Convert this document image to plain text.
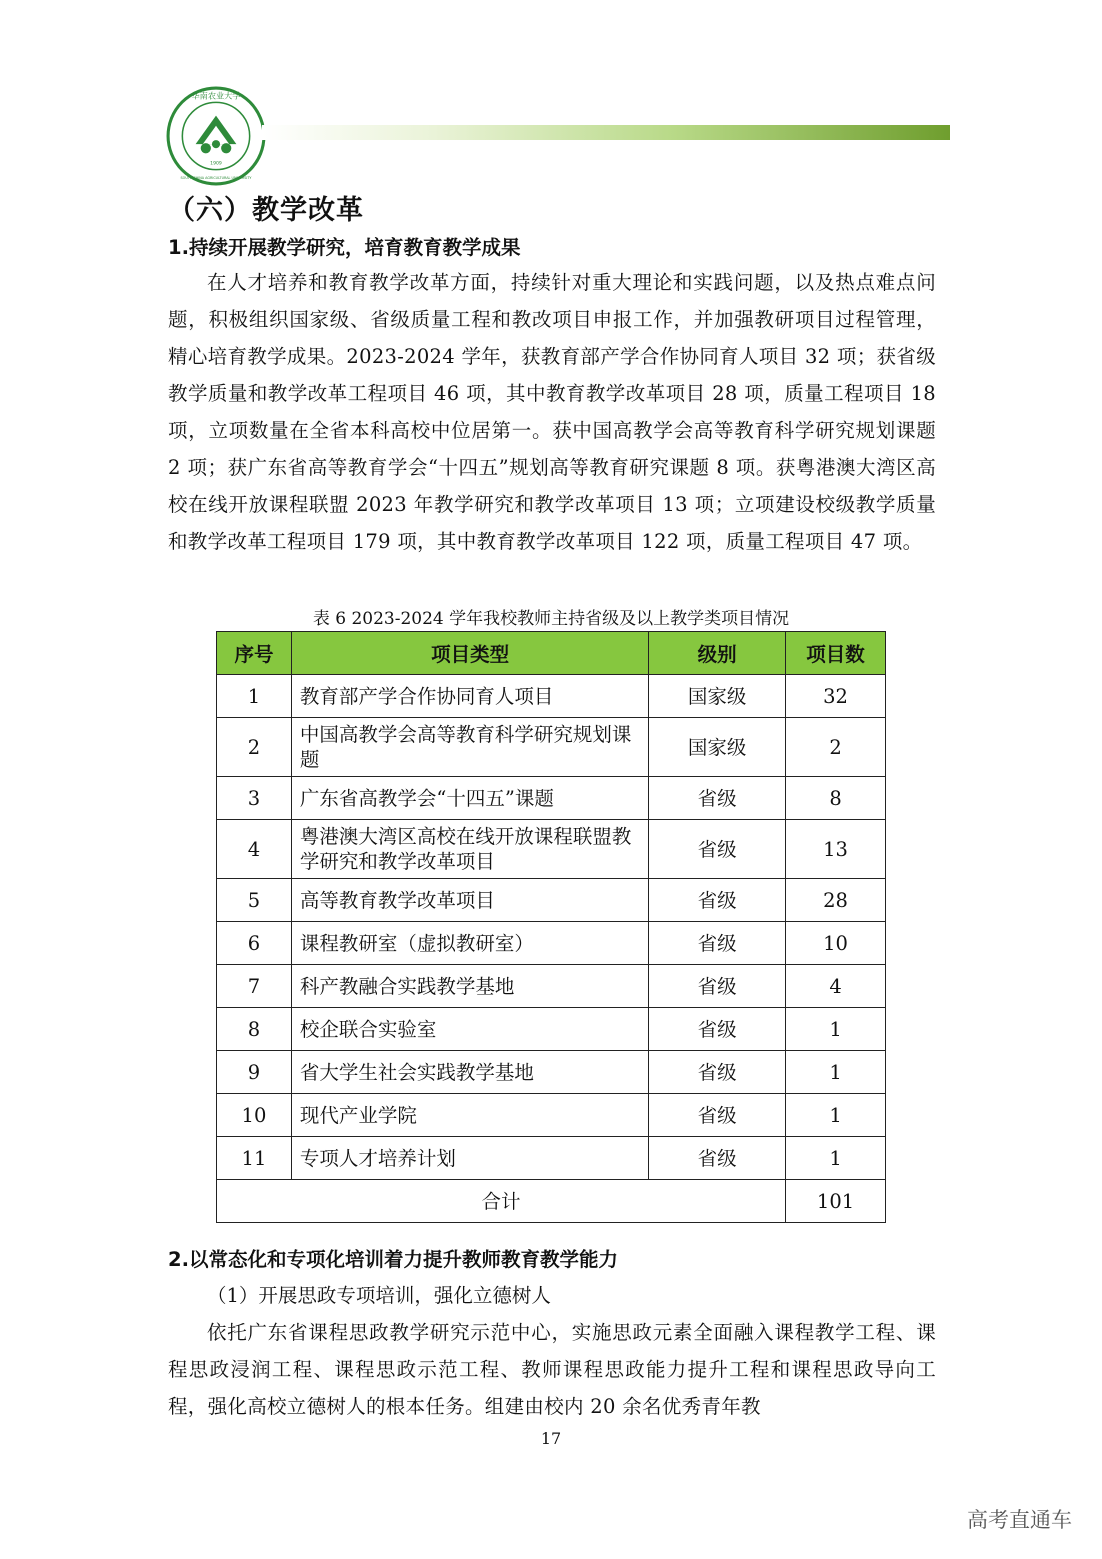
华南农业大学
1909
SOUTH CHINA AGRICULTURAL UNIVERSITY
（六）教学改革
1.持续开展教学研究，培育教育教学成果

在人才培养和教育教学改革方面，持续针对重大理论和实践问题，以及热点难点问题，积极组织国家级、省级质量工程和教改项目申报工作，并加强教研项目过程管理，精心培育教学成果。2023-2024 学年，获教育部产学合作协同育人项目 32 项；获省级教学质量和教学改革工程项目 46 项，其中教育教学改革项目 28 项，质量工程项目 18 项，立项数量在全省本科高校中位居第一。获中国高教学会高等教育科学研究规划课题 2 项；获广东省高等教育学会“十四五”规划高等教育研究课题 8 项。获粤港澳大湾区高校在线开放课程联盟 2023 年教学研究和教学改革项目 13 项；立项建设校级教学质量和教学改革工程项目 179 项，其中教育教学改革项目 122 项，质量工程项目 47 项。

表 6 2023-2024 学年我校教师主持省级及以上教学类项目情况
序号	项目类型	级别	项目数
1	教育部产学合作协同育人项目	国家级	32
2	中国高教学会高等教育科学研究规划课题	国家级	2
3	广东省高教学会“十四五”课题	省级	8
4	粤港澳大湾区高校在线开放课程联盟教学研究和教学改革项目	省级	13
5	高等教育教学改革项目	省级	28
6	课程教研室（虚拟教研室）	省级	10
7	科产教融合实践教学基地	省级	4
8	校企联合实验室	省级	1
9	省大学生社会实践教学基地	省级	1
10	现代产业学院	省级	1
11	专项人才培养计划	省级	1
合计			101
2.以常态化和专项化培训着力提升教师教育教学能力
（1）开展思政专项培训，强化立德树人

依托广东省课程思政教学研究示范中心，实施思政元素全面融入课程教学工程、课程思政浸润工程、课程思政示范工程、教师课程思政能力提升工程和课程思政导向工程，强化高校立德树人的根本任务。组建由校内 20 余名优秀青年教

17
高考直通车
